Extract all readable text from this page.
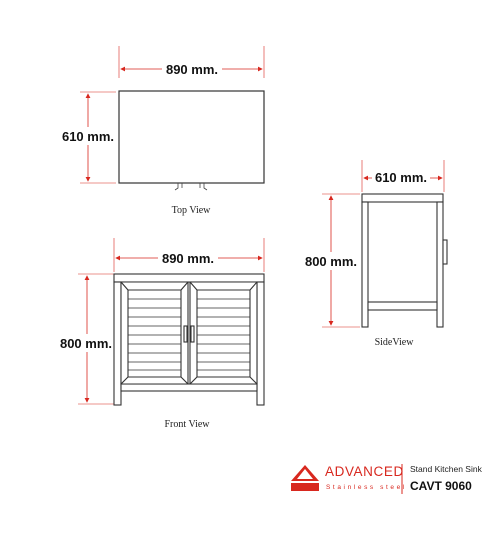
890 mm.
610 mm.
Top View
610 mm.
800 mm.
SideView
890 mm.
800 mm.
Front View
ADVANCED
Stainless steel
Stand Kitchen Sink
CAVT 9060
